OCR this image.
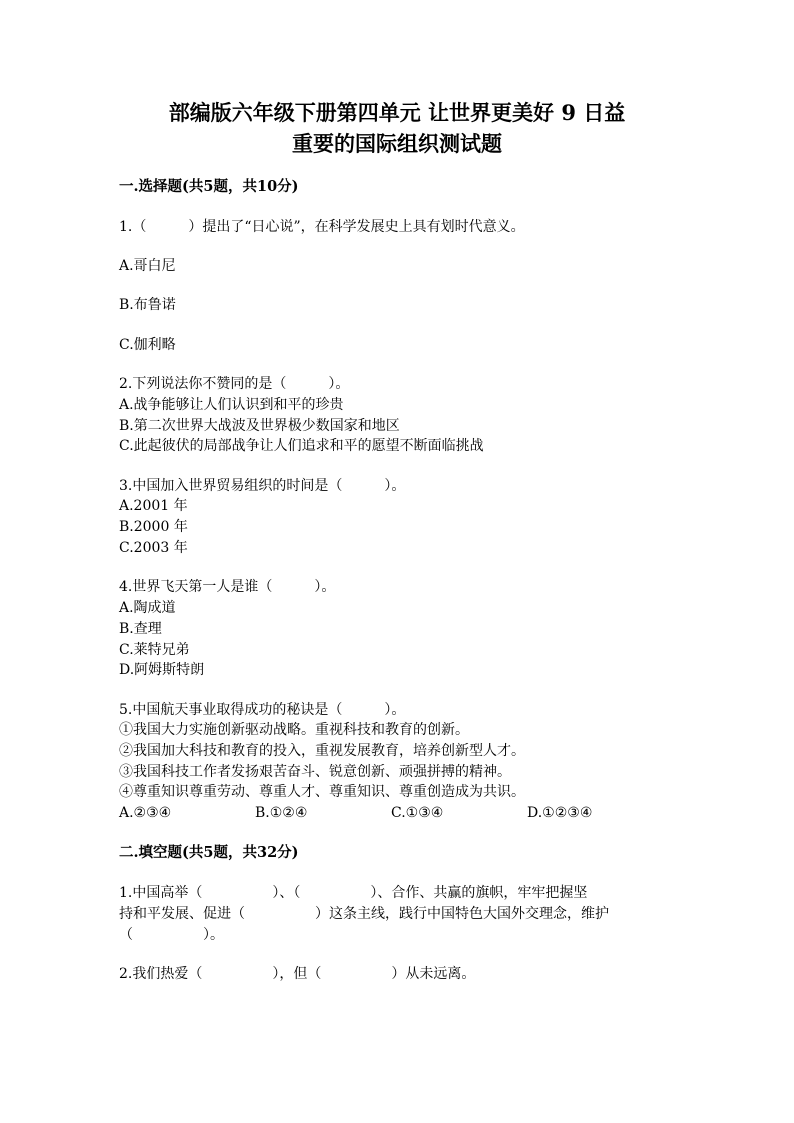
部编版六年级下册第四单元 让世界更美好 9 日益
重要的国际组织测试题
一.选择题(共5题，共10分)
1.（　　　）提出了“日心说”，在科学发展史上具有划时代意义。
A.哥白尼
B.布鲁诺
C.伽利略
2.下列说法你不赞同的是（　　　）。
A.战争能够让人们认识到和平的珍贵
B.第二次世界大战波及世界极少数国家和地区
C.此起彼伏的局部战争让人们追求和平的愿望不断面临挑战
3.中国加入世界贸易组织的时间是（　　　）。
A.2001 年
B.2000 年
C.2003 年
4.世界飞天第一人是谁（　　　）。
A.陶成道
B.查理
C.莱特兄弟
D.阿姆斯特朗
5.中国航天事业取得成功的秘诀是（　　　）。
①我国大力实施创新驱动战略。重视科技和教育的创新。
②我国加大科技和教育的投入，重视发展教育，培养创新型人才。
③我国科技工作者发扬艰苦奋斗、锐意创新、顽强拼搏的精神。
④尊重知识尊重劳动、尊重人才、尊重知识、尊重创造成为共识。
A.②③④	B.①②④	C.①③④	D.①②③④
二.填空题(共5题，共32分)
1.中国高举（　　　　　）、（　　　　　）、合作、共赢的旗帜，牢牢把握坚
持和平发展、促进（　　　　　）这条主线，践行中国特色大国外交理念，维护
（　　　　　）。
2.我们热爱（　　　　　），但（　　　　　）从未远离。
